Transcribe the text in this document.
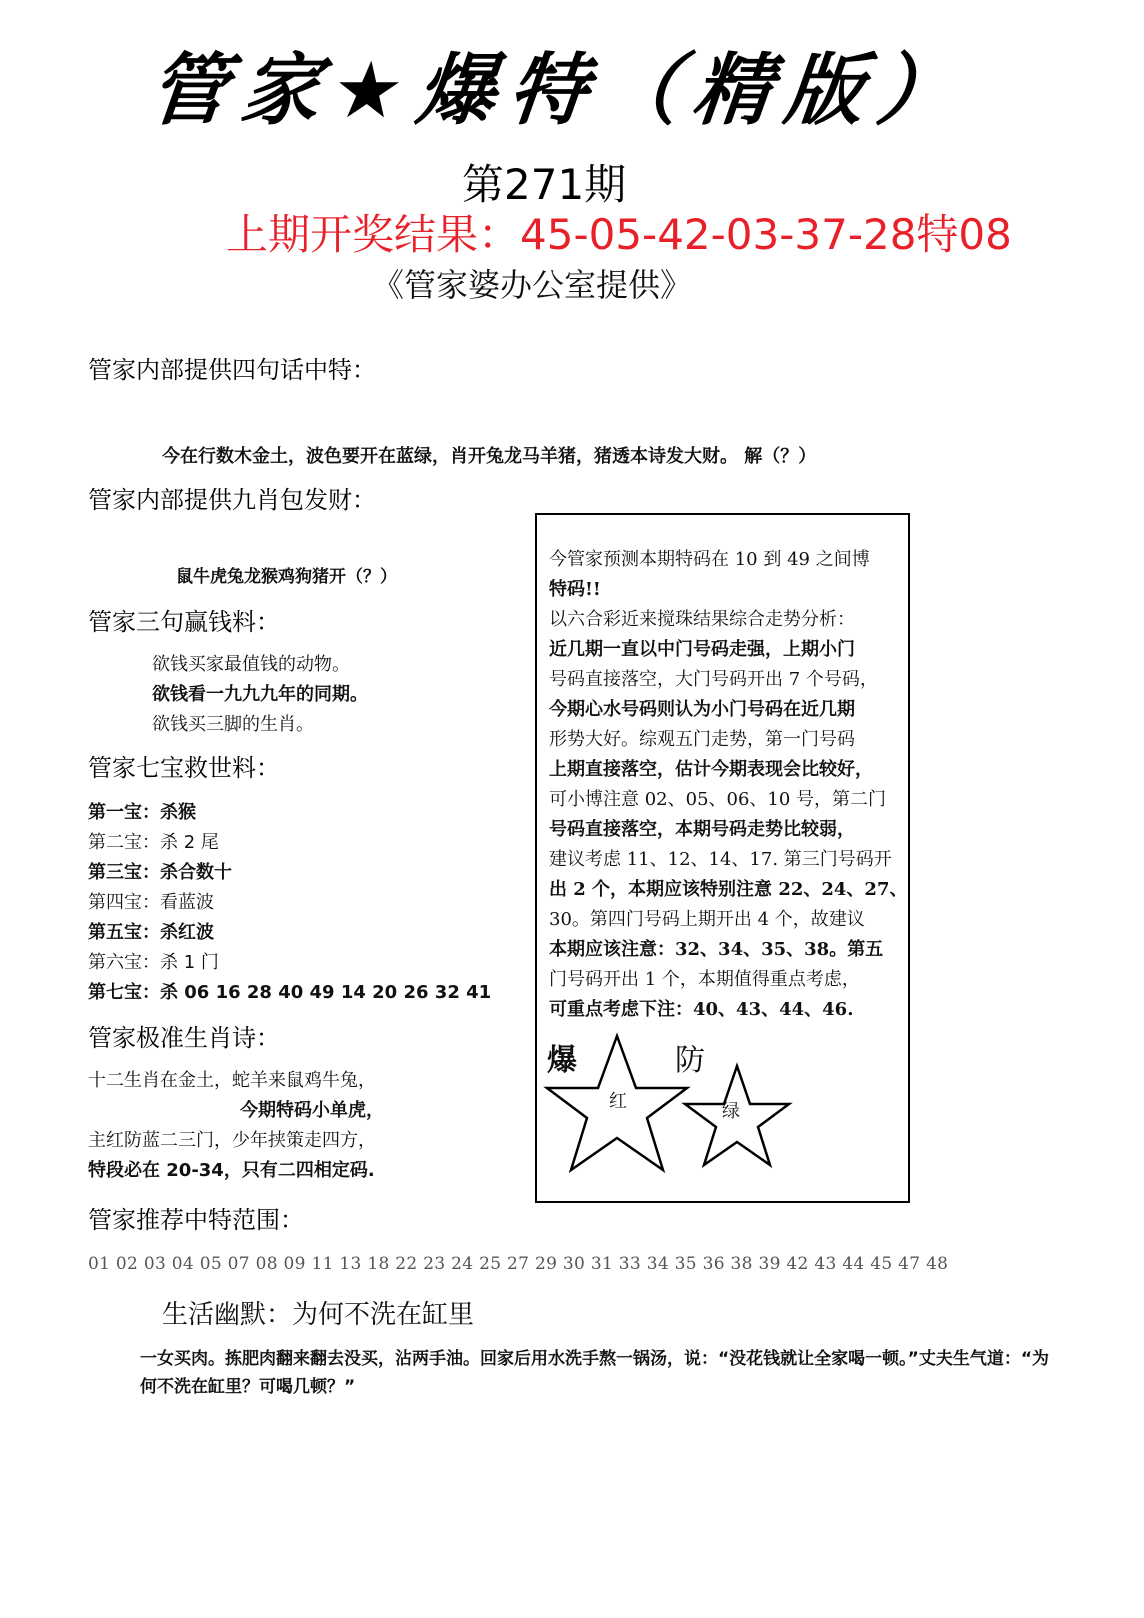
管家★爆特（精版）
第271期
上期开奖结果：45-05-42-03-37-28特08
《管家婆办公室提供》
管家内部提供四句话中特：
今在行数木金土，波色要开在蓝绿，肖开兔龙马羊猪，猪透本诗发大财。 解（？）
管家内部提供九肖包发财：
鼠牛虎兔龙猴鸡狗猪开（？）
管家三句赢钱料：
欲钱买家最值钱的动物。
欲钱看一九九九年的同期。
欲钱买三脚的生肖。
管家七宝救世料：
第一宝：杀猴
第二宝：杀 2 尾
第三宝：杀合数十
第四宝：看蓝波
第五宝：杀红波
第六宝：杀 1 门
第七宝：杀 06 16 28 40 49 14 20 26 32 41
管家极准生肖诗：
十二生肖在金土，蛇羊来鼠鸡牛兔，
今期特码小单虎，
主红防蓝二三门，少年挟策走四方，
特段必在 20-34，只有二四相定码.
管家推荐中特范围：
01 02 03 04 05 07 08 09 11 13 18 22 23 24 25 27 29 30 31 33 34 35 36 38 39 42 43 44 45 47 48
今管家预测本期特码在 10 到 49 之间博
特码!!
以六合彩近来搅珠结果综合走势分析：
近几期一直以中门号码走强，上期小门
号码直接落空，大门号码开出 7 个号码，
今期心水号码则认为小门号码在近几期
形势大好。综观五门走势，第一门号码
上期直接落空，估计今期表现会比较好，
可小博注意 02、05、06、10 号，第二门
号码直接落空，本期号码走势比较弱，
建议考虑 11、12、14、17. 第三门号码开
出 2 个，本期应该特别注意 22、24、27、
30。第四门号码上期开出 4 个，故建议
本期应该注意：32、34、35、38。第五
门号码开出 1 个，本期值得重点考虑，
可重点考虑下注：40、43、44、46.
爆
红
防
绿
生活幽默：为何不洗在缸里
一女买肉。拣肥肉翻来翻去没买，沾两手油。回家后用水洗手熬一锅汤，说：“没花钱就让全家喝一顿。”丈夫生气道：“为何不洗在缸里？可喝几顿？”
